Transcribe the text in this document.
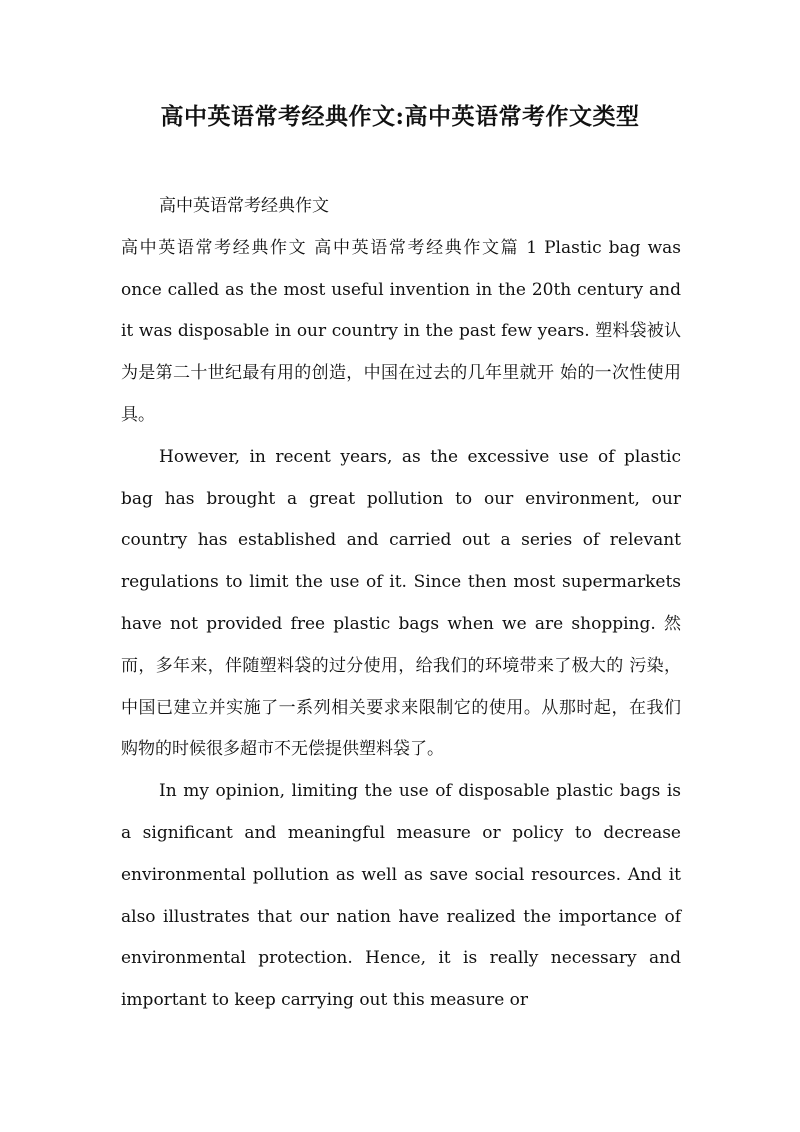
高中英语常考经典作文:高中英语常考作文类型
高中英语常考经典作文

高中英语常考经典作文 高中英语常考经典作文篇 1 Plastic bag was once called as the most useful invention in the 20th century and it was disposable in our country in the past few years. 塑料袋被认为是第二十世纪最有用的创造，中国在过去的几年里就开 始的一次性使用具。

However, in recent years, as the excessive use of plastic bag has brought a great pollution to our environment, our country has established and carried out a series of relevant regulations to limit the use of it. Since then most supermarkets have not provided free plastic bags when we are shopping. 然而，多年来，伴随塑料袋的过分使用，给我们的环境带来了极大的 污染，中国已建立并实施了一系列相关要求来限制它的使用。从那时起，在我们 购物的时候很多超市不无偿提供塑料袋了。

In my opinion, limiting the use of disposable plastic bags is a significant and meaningful measure or policy to decrease environmental pollution as well as save social resources. And it also illustrates that our nation have realized the importance of environmental protection. Hence, it is really necessary and important to keep carrying out this measure or
